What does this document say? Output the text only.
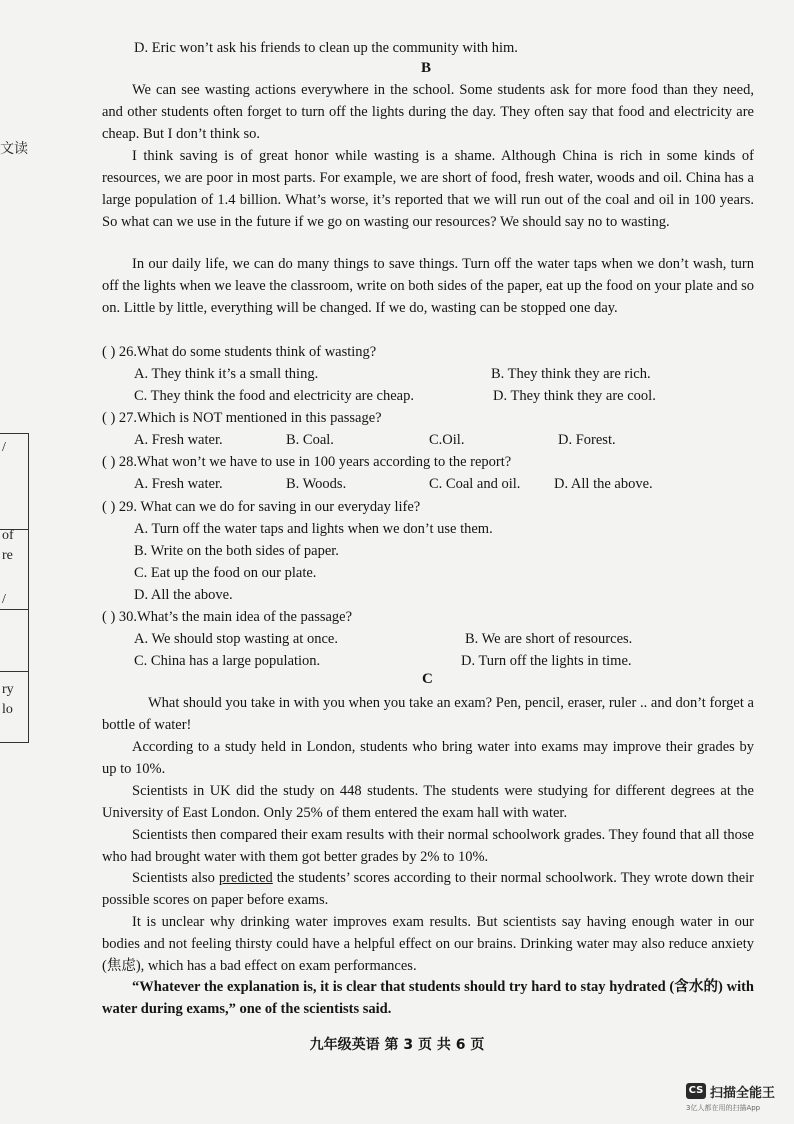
文读
/
of
re
/
ry
lo
D. Eric won’t ask his friends to clean up the community with him.
B
We can see wasting actions everywhere in the school. Some students ask for more food than they need, and other students often forget to turn off the lights during the day. They often say that food and electricity are cheap. But I don’t think so.
I think saving is of great honor while wasting is a shame. Although China is rich in some kinds of resources, we are poor in most parts. For example, we are short of food, fresh water, woods and oil. China has a large population of 1.4 billion. What’s worse, it’s reported that we will run out of the coal and oil in 100 years. So what can we use in the future if we go on wasting our resources? We should say no to wasting.
In our daily life, we can do many things to save things. Turn off the water taps when we don’t wash, turn off the lights when we leave the classroom, write on both sides of the paper, eat up the food on your plate and so on. Little by little, everything will be changed. If we do, wasting can be stopped one day.
( ) 26.What do some students think of wasting?
A. They think it’s a small thing.	B. They think they are rich.
C. They think the food and electricity are cheap.	D. They think they are cool.
( ) 27.Which is NOT mentioned in this passage?
A. Fresh water.	B. Coal.	C.Oil.	D. Forest.
( ) 28.What won’t we have to use in 100 years according to the report?
A. Fresh water.	B. Woods.	C. Coal and oil. D. All the above.
( ) 29. What can we do for saving in our everyday life?
A. Turn off the water taps and lights when we don’t use them.
B. Write on the both sides of paper.
C. Eat up the food on our plate.
D. All the above.
( ) 30.What’s the main idea of the passage?
A. We should stop wasting at once.	B. We are short of resources.
C. China has a large population.	D. Turn off the lights in time.
C
What should you take in with you when you take an exam? Pen, pencil, eraser, ruler .. and don’t forget a bottle of water!
According to a study held in London, students who bring water into exams may improve their grades by up to 10%.
Scientists in UK did the study on 448 students. The students were studying for different degrees at the University of East London. Only 25% of them entered the exam hall with water.
Scientists then compared their exam results with their normal schoolwork grades. They found that all those who had brought water with them got better grades by 2% to 10%.
Scientists also predicted the students’ scores according to their normal schoolwork. They wrote down their possible scores on paper before exams.
It is unclear why drinking water improves exam results. But scientists say having enough water in our bodies and not feeling thirsty could have a helpful effect on our brains. Drinking water may also reduce anxiety (焦虑), which has a bad effect on exam performances.
“Whatever the explanation is, it is clear that students should try hard to stay hydrated (含水的) with water during exams,” one of the scientists said.
九年级英语 第 3 页 共 6 页
CS 扫描全能王
3亿人都在用的扫描App
